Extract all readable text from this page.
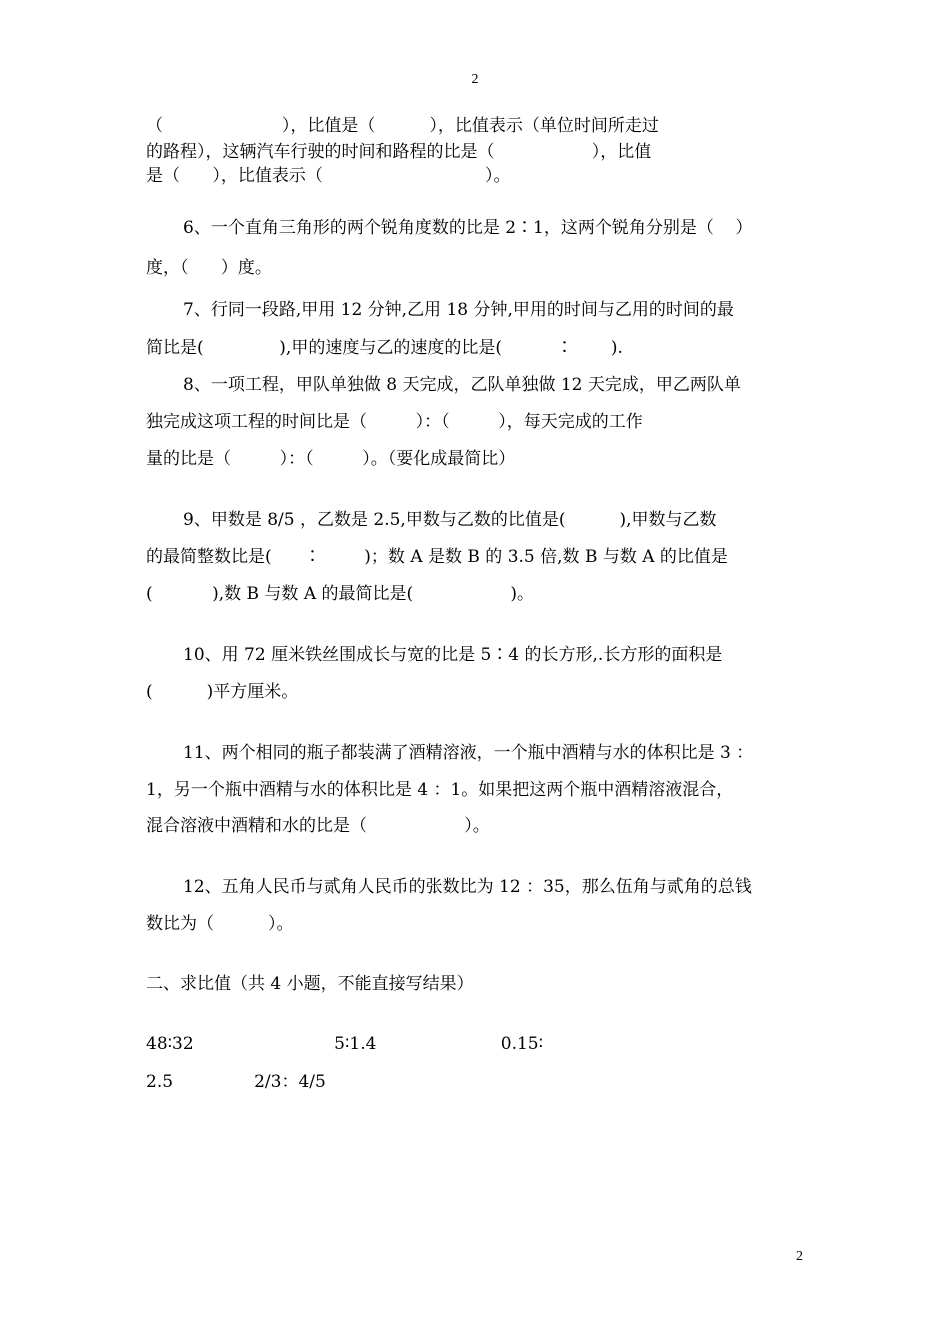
2
（                      ），比值是（          ），比值表示（单位时间所走过
的路程），这辆汽车行驶的时间和路程的比是（                  ），比值
是（      ），比值表示（                              ）。
6、一个直角三角形的两个锐角度数的比是 2∶1，这两个锐角分别是（    ）
度，（      ）度。
7、行同一段路,甲用 12 分钟,乙用 18 分钟,甲用的时间与乙用的时间的最
简比是(              ),甲的速度与乙的速度的比是(          ∶       ).
8、一项工程，甲队单独做 8 天完成，乙队单独做 12 天完成，甲乙两队单
独完成这项工程的时间比是（         ）：（         ），每天完成的工作
量的比是（         ）：（         ）。（要化成最简比）
9、甲数是 8/5 ，乙数是 2.5,甲数与乙数的比值是(          ),甲数与乙数
的最简整数比是(      ∶        )；数 A 是数 B 的 3.5 倍,数 B 与数 A 的比值是
(           ),数 B 与数 A 的最简比是(                  )。
10、用 72 厘米铁丝围成长与宽的比是 5∶4 的长方形,.长方形的面积是
(          )平方厘米。
11、两个相同的瓶子都装满了酒精溶液，一个瓶中酒精与水的体积比是 3 ：
1，另一个瓶中酒精与水的体积比是 4 ：1。如果把这两个瓶中酒精溶液混合，
混合溶液中酒精和水的比是（                  ）。
12、五角人民币与贰角人民币的张数比为 12 ：35，那么伍角与贰角的总钱
数比为（          ）。
二、求比值（共 4 小题，不能直接写结果）
48∶32                          5∶1.4                       0.15∶
2.5               2/3：4/5
2
